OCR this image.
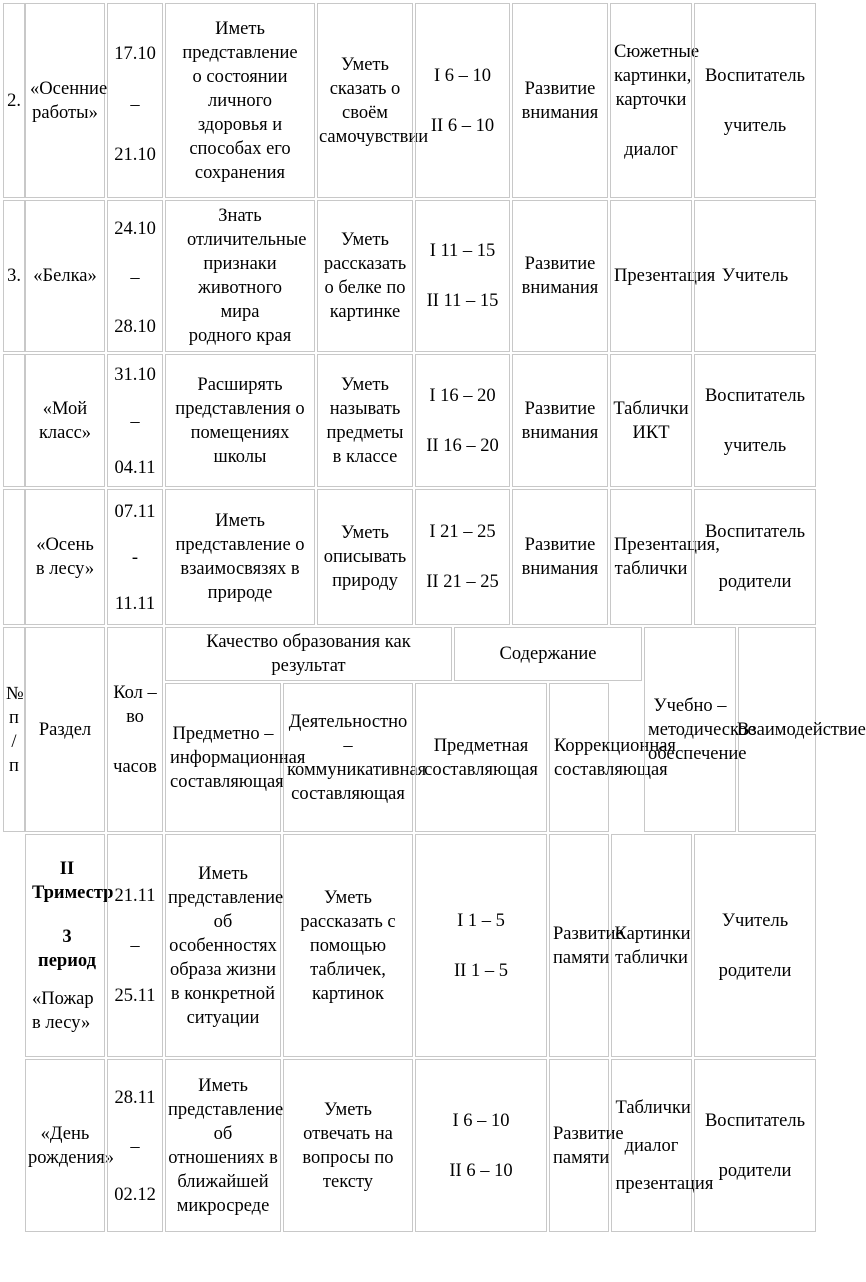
2.
«Осенние работы»
17.10
–
21.10
Иметь представление о состоянии личного здоровья и способах его сохранения
Уметь сказать о своём самочувствии
I 6 – 10
II 6 – 10
Развитие внимания
Сюжетные картинки, карточки
диалог
Воспитатель
учитель
3. «Белка»
24.10
–
28.10
Знать отличительные признаки животного мира родного края
Уметь рассказать о белке по картинке
I 11 – 15
II 11 – 15
Развитие внимания
Презентация Учитель
«Мой класс»
31.10
–
04.11
Расширять представления о помещениях школы
Уметь называть предметы в классе
I 16 – 20
II 16 – 20
Развитие внимания
Таблички ИКТ
Воспитатель
учитель
«Осень в лесу»
07.11
-
11.11
Иметь представление о взаимосвязях в природе
Уметь описывать природу
I 21 – 25
II 21 – 25
Развитие внимания
Презентация, таблички
Воспитатель
родители
№ п / п
Раздел
Кол – во
часов
Качество образования как результат
Содержание
Предметно – информационная составляющая
Деятельностно – коммуникативная составляющая
Предметная составляющая
Коррекционная составляющая
Учебно – методическое обеспечение
Взаимодействие
II Триместр
3 период
«Пожар в лесу»
21.11
–
25.11
Иметь представление об особенностях образа жизни в конкретной ситуации
Уметь рассказать с помощью табличек, картинок
I 1 – 5
II 1 – 5
Развитие памяти
Картинки таблички
Учитель
родители
«День рождения»
28.11
–
02.12
Иметь представление об отношениях в ближайшей микросреде
Уметь отвечать на вопросы по тексту
I 6 – 10
II 6 – 10
Развитие памяти
Таблички
диалог
презентация
Воспитатель
родители
